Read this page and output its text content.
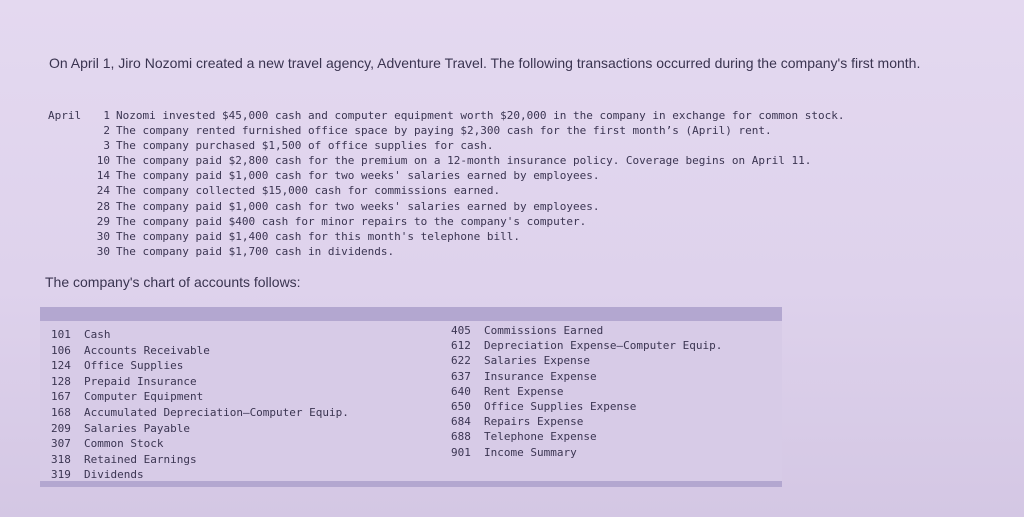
On April 1, Jiro Nozomi created a new travel agency, Adventure Travel. The following transactions occurred during the company's first month.
April 1 Nozomi invested $45,000 cash and computer equipment worth $20,000 in the company in exchange for common stock.
2 The company rented furnished office space by paying $2,300 cash for the first month’s (April) rent.
3 The company purchased $1,500 of office supplies for cash.
10 The company paid $2,800 cash for the premium on a 12-month insurance policy. Coverage begins on April 11.
14 The company paid $1,000 cash for two weeks' salaries earned by employees.
24 The company collected $15,000 cash for commissions earned.
28 The company paid $1,000 cash for two weeks' salaries earned by employees.
29 The company paid $400 cash for minor repairs to the company's computer.
30 The company paid $1,400 cash for this month's telephone bill.
30 The company paid $1,700 cash in dividends.
The company's chart of accounts follows:
101 Cash
106 Accounts Receivable
124 Office Supplies
128 Prepaid Insurance
167 Computer Equipment
168 Accumulated Depreciation—Computer Equip.
209 Salaries Payable
307 Common Stock
318 Retained Earnings
319 Dividends
405 Commissions Earned
612 Depreciation Expense—Computer Equip.
622 Salaries Expense
637 Insurance Expense
640 Rent Expense
650 Office Supplies Expense
684 Repairs Expense
688 Telephone Expense
901 Income Summary
